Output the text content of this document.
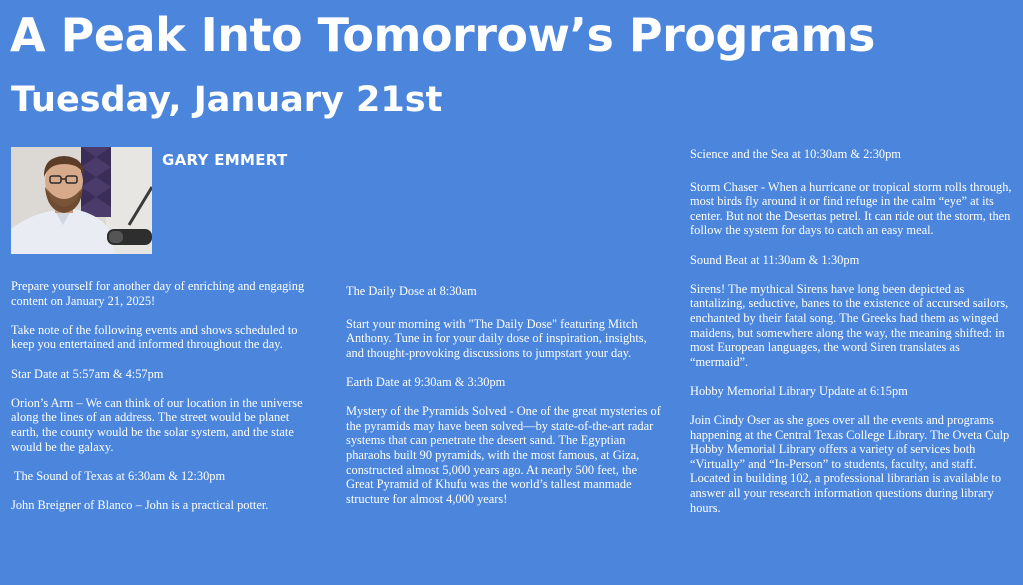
A Peak Into Tomorrow’s Programs
Tuesday, January 21st
GARY EMMERT

Prepare yourself for another day of enriching and engaging content on January 21, 2025!

Take note of the following events and shows scheduled to keep you entertained and informed throughout the day.

Star Date at 5:57am & 4:57pm

Orion’s Arm – We can think of our location in the universe along the lines of an address. The street would be planet earth, the county would be the solar system, and the state would be the galaxy.

The Sound of Texas at 6:30am & 12:30pm

John Breigner of Blanco – John is a practical potter.

The Daily Dose at 8:30am

Start your morning with "The Daily Dose" featuring Mitch Anthony. Tune in for your daily dose of inspiration, insights, and thought-provoking discussions to jumpstart your day.

Earth Date at 9:30am & 3:30pm

Mystery of the Pyramids Solved - One of the great mysteries of the pyramids may have been solved—by state-of-the-art radar systems that can penetrate the desert sand. The Egyptian pharaohs built 90 pyramids, with the most famous, at Giza, constructed almost 5,000 years ago. At nearly 500 feet, the Great Pyramid of Khufu was the world’s tallest manmade structure for almost 4,000 years!

Science and the Sea at 10:30am & 2:30pm

Storm Chaser - When a hurricane or tropical storm rolls through, most birds fly around it or find refuge in the calm “eye” at its center. But not the Desertas petrel. It can ride out the storm, then follow the system for days to catch an easy meal.

Sound Beat at 11:30am & 1:30pm

Sirens! The mythical Sirens have long been depicted as tantalizing, seductive, banes to the existence of accursed sailors, enchanted by their fatal song. The Greeks had them as winged maidens, but somewhere along the way, the meaning shifted: in most European languages, the word Siren translates as “mermaid”.

Hobby Memorial Library Update at 6:15pm

Join Cindy Oser as she goes over all the events and programs happening at the Central Texas College Library. The Oveta Culp Hobby Memorial Library offers a variety of services both “Virtually” and “In-Person” to students, faculty, and staff. Located in building 102, a professional librarian is available to answer all your research information questions during library hours.
